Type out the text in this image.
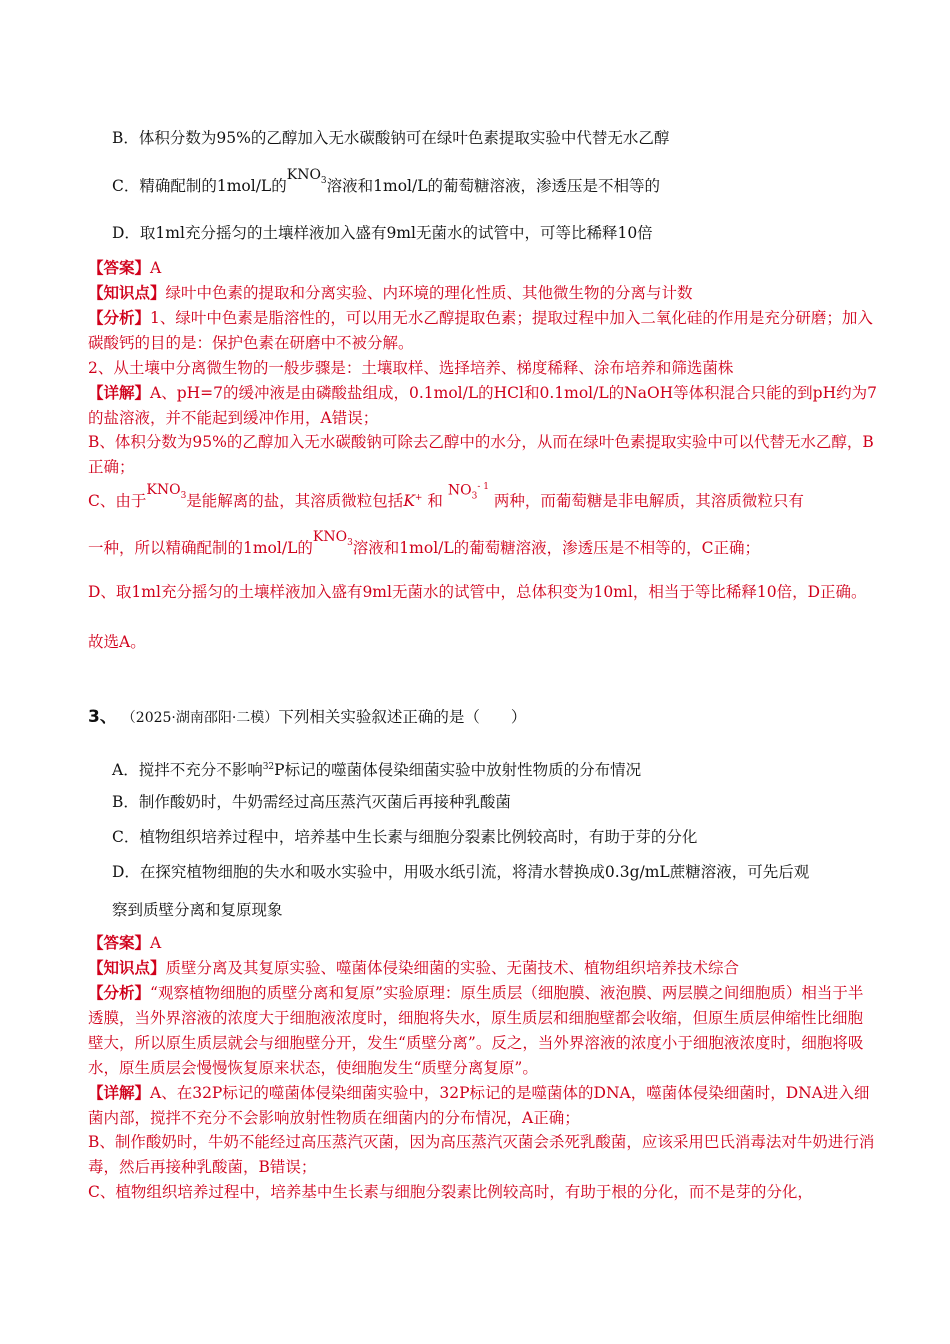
B．体积分数为95%的乙醇加入无水碳酸钠可在绿叶色素提取实验中代替无水乙醇
C．精确配制的1mol/L的$KNO_3$溶液和1mol/L的葡萄糖溶液，渗透压是不相等的
D．取1ml充分摇匀的土壤样液加入盛有9ml无菌水的试管中，可等比稀释10倍
【答案】A
【知识点】绿叶中色素的提取和分离实验、内环境的理化性质、其他微生物的分离与计数
【分析】1、绿叶中色素是脂溶性的，可以用无水乙醇提取色素；提取过程中加入二氧化硅的作用是充分研磨；加入碳酸钙的目的是：保护色素在研磨中不被分解。
2、从土壤中分离微生物的一般步骤是：土壤取样、选择培养、梯度稀释、涂布培养和筛选菌株
【详解】A、pH=7的缓冲液是由磷酸盐组成，0.1mol/L的HCl和0.1mol/L的NaOH等体积混合只能的到pH约为7的盐溶液，并不能起到缓冲作用，A错误；
B、体积分数为95%的乙醇加入无水碳酸钠可除去乙醇中的水分，从而在绿叶色素提取实验中可以代替无水乙醇，B正确；
C、由于$KNO_3$是能解离的盐，其溶质微粒包括K+ 和 $NO_3^{- 1}$ 两种，而葡萄糖是非电解质，其溶质微粒只有
一种，所以精确配制的1mol/L的$KNO_3$溶液和1mol/L的葡萄糖溶液，渗透压是不相等的，C正确；
D、取1ml充分摇匀的土壤样液加入盛有9ml无菌水的试管中，总体积变为10ml，相当于等比稀释10倍，D正确。
故选A。
3、 （2025·湖南邵阳·二模）下列相关实验叙述正确的是（　　）
A．搅拌不充分不影响$^{32}$P标记的噬菌体侵染细菌实验中放射性物质的分布情况
B．制作酸奶时，牛奶需经过高压蒸汽灭菌后再接种乳酸菌
C．植物组织培养过程中，培养基中生长素与细胞分裂素比例较高时，有助于芽的分化
D．在探究植物细胞的失水和吸水实验中，用吸水纸引流，将清水替换成0.3g/mL蔗糖溶液，可先后观
察到质壁分离和复原现象
【答案】A
【知识点】质壁分离及其复原实验、噬菌体侵染细菌的实验、无菌技术、植物组织培养技术综合
【分析】“观察植物细胞的质壁分离和复原”实验原理：原生质层（细胞膜、液泡膜、两层膜之间细胞质）相当于半透膜，当外界溶液的浓度大于细胞液浓度时，细胞将失水，原生质层和细胞壁都会收缩，但原生质层伸缩性比细胞壁大，所以原生质层就会与细胞壁分开，发生“质壁分离”。反之，当外界溶液的浓度小于细胞液浓度时，细胞将吸水，原生质层会慢慢恢复原来状态，使细胞发生“质壁分离复原”。
【详解】A、在32P标记的噬菌体侵染细菌实验中，32P标记的是噬菌体的DNA，噬菌体侵染细菌时，DNA进入细菌内部，搅拌不充分不会影响放射性物质在细菌内的分布情况，A正确；
B、制作酸奶时，牛奶不能经过高压蒸汽灭菌，因为高压蒸汽灭菌会杀死乳酸菌，应该采用巴氏消毒法对牛奶进行消毒，然后再接种乳酸菌，B错误；
C、植物组织培养过程中，培养基中生长素与细胞分裂素比例较高时，有助于根的分化，而不是芽的分化，
